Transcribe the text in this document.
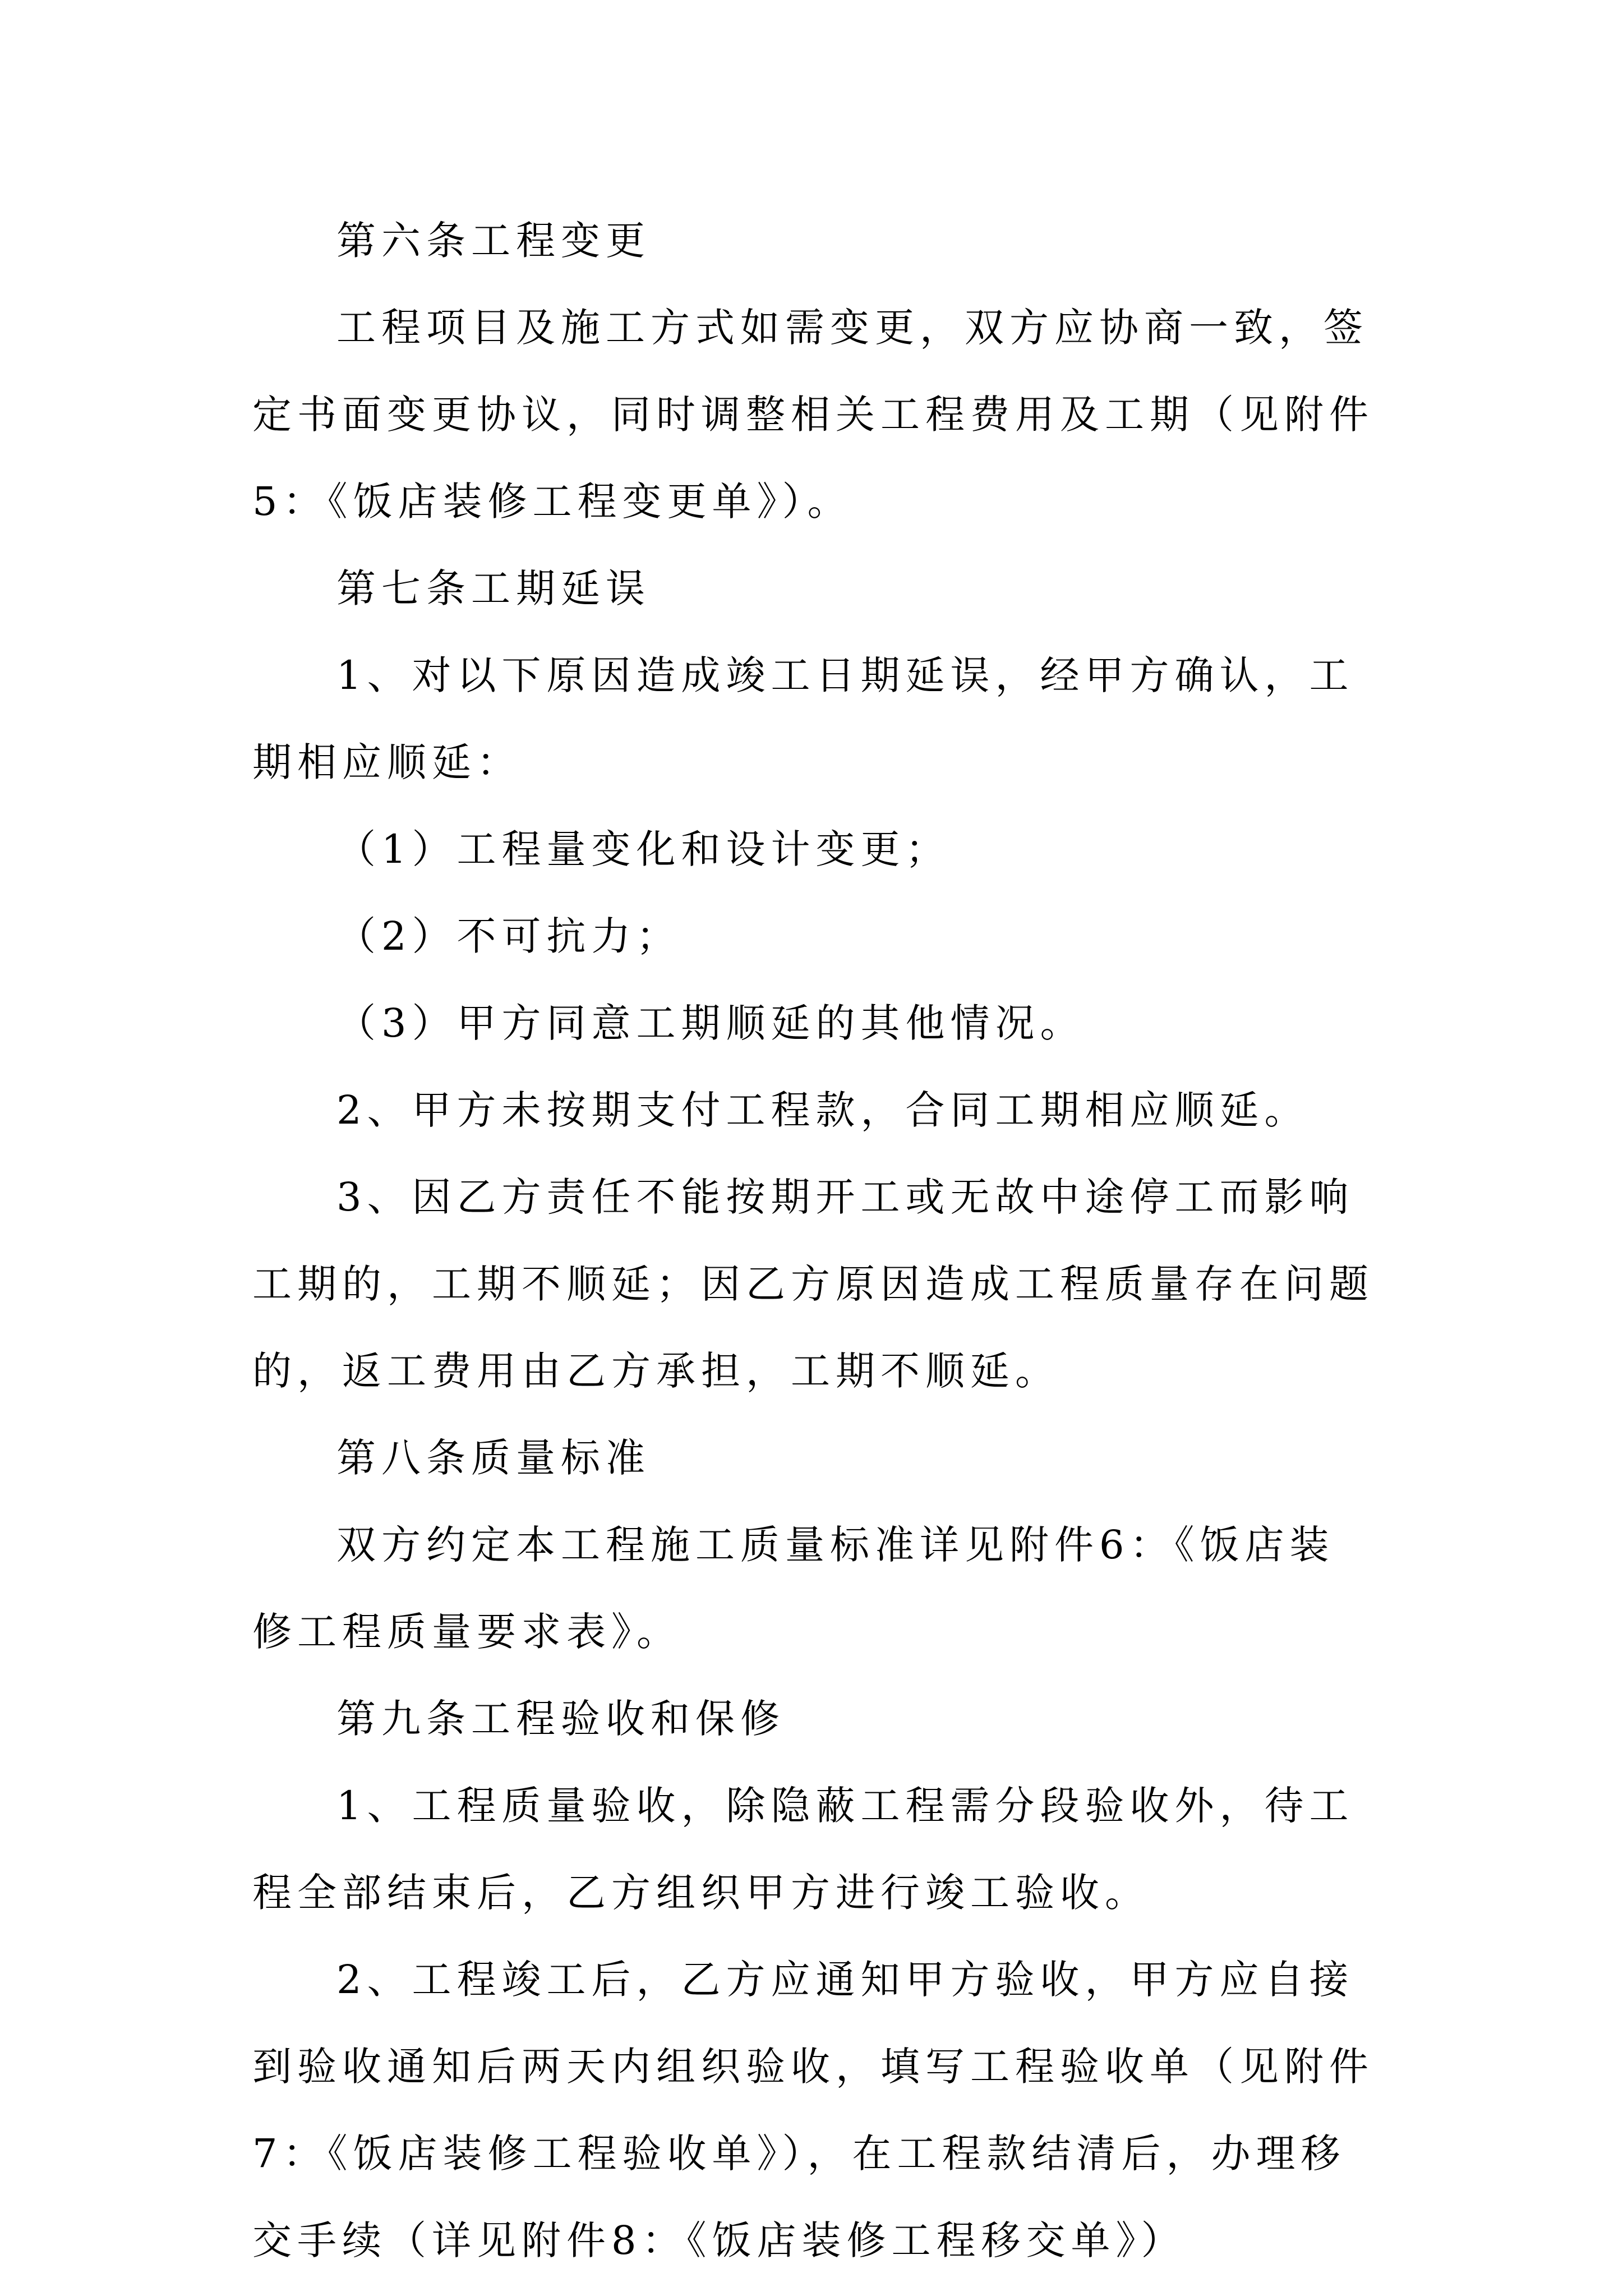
第六条工程变更

工程项目及施工方式如需变更，双方应协商一致，签定书面变更协议，同时调整相关工程费用及工期（见附件5：《饭店装修工程变更单》）。

第七条工期延误

1、对以下原因造成竣工日期延误，经甲方确认，工期相应顺延：

（1）工程量变化和设计变更；

（2）不可抗力；

（3）甲方同意工期顺延的其他情况。

2、甲方未按期支付工程款，合同工期相应顺延。

3、因乙方责任不能按期开工或无故中途停工而影响工期的，工期不顺延；因乙方原因造成工程质量存在问题的，返工费用由乙方承担，工期不顺延。

第八条质量标准

双方约定本工程施工质量标准详见附件6：《饭店装修工程质量要求表》。

第九条工程验收和保修

1、工程质量验收，除隐蔽工程需分段验收外，待工程全部结束后，乙方组织甲方进行竣工验收。

2、工程竣工后，乙方应通知甲方验收，甲方应自接到验收通知后两天内组织验收，填写工程验收单（见附件7：《饭店装修工程验收单》），在工程款结清后，办理移交手续（详见附件8：《饭店装修工程移交单》）
